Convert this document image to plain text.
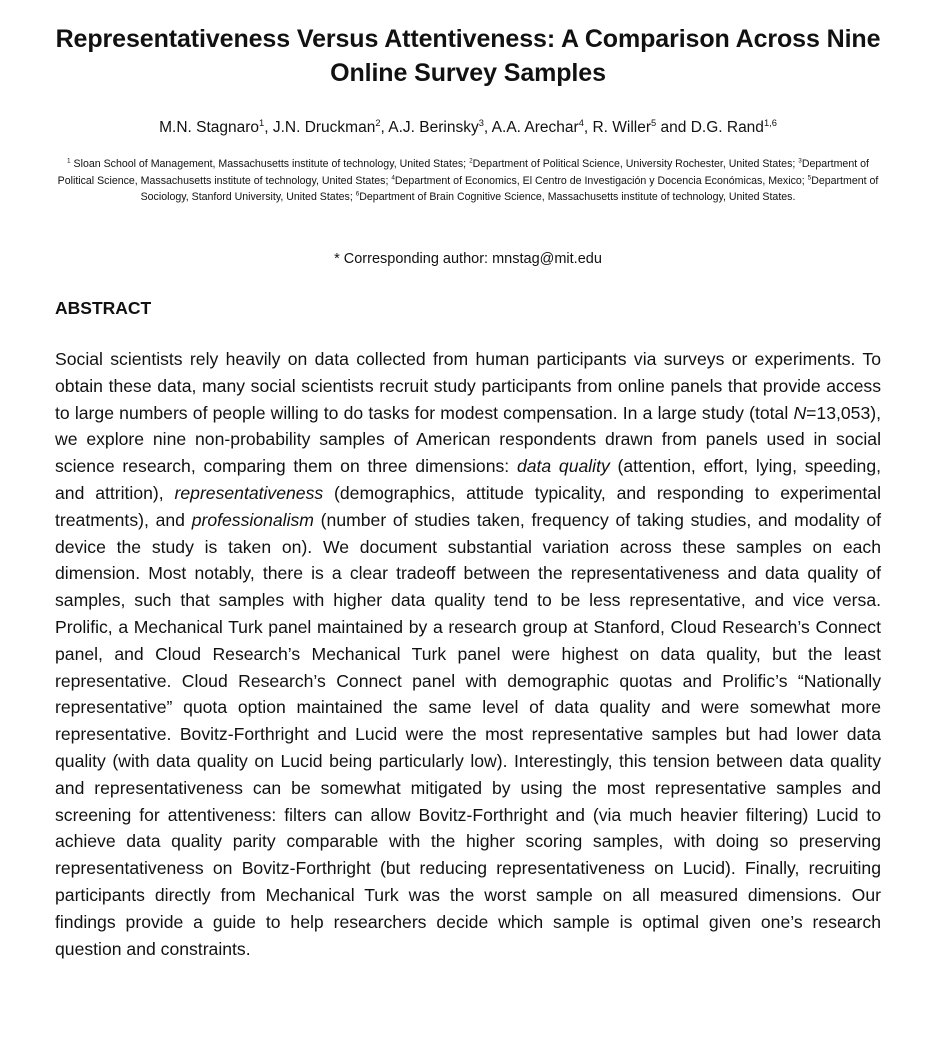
Representativeness Versus Attentiveness: A Comparison Across Nine Online Survey Samples
M.N. Stagnaro$^1$, J.N. Druckman$^2$, A.J. Berinsky$^3$, A.A. Arechar$^4$, R. Willer$^5$ and D.G. Rand$^{1,6}$
$^1$ Sloan School of Management, Massachusetts institute of technology, United States; $^2$Department of Political Science, University Rochester, United States; $^3$Department of Political Science, Massachusetts institute of technology, United States; $^4$Department of Economics, El Centro de Investigación y Docencia Económicas, Mexico; $^5$Department of Sociology, Stanford University, United States; $^6$Department of Brain Cognitive Science, Massachusetts institute of technology, United States.
* Corresponding author: mnstag@mit.edu
ABSTRACT

Social scientists rely heavily on data collected from human participants via surveys or experiments. To obtain these data, many social scientists recruit study participants from online panels that provide access to large numbers of people willing to do tasks for modest compensation. In a large study (total N=13,053), we explore nine non-probability samples of American respondents drawn from panels used in social science research, comparing them on three dimensions: data quality (attention, effort, lying, speeding, and attrition), representativeness (demographics, attitude typicality, and responding to experimental treatments), and professionalism (number of studies taken, frequency of taking studies, and modality of device the study is taken on). We document substantial variation across these samples on each dimension. Most notably, there is a clear tradeoff between the representativeness and data quality of samples, such that samples with higher data quality tend to be less representative, and vice versa. Prolific, a Mechanical Turk panel maintained by a research group at Stanford, Cloud Research’s Connect panel, and Cloud Research’s Mechanical Turk panel were highest on data quality, but the least representative. Cloud Research’s Connect panel with demographic quotas and Prolific’s “Nationally representative” quota option maintained the same level of data quality and were somewhat more representative. Bovitz-Forthright and Lucid were the most representative samples but had lower data quality (with data quality on Lucid being particularly low). Interestingly, this tension between data quality and representativeness can be somewhat mitigated by using the most representative samples and screening for attentiveness: filters can allow Bovitz-Forthright and (via much heavier filtering) Lucid to achieve data quality parity comparable with the higher scoring samples, with doing so preserving representativeness on Bovitz-Forthright (but reducing representativeness on Lucid). Finally, recruiting participants directly from Mechanical Turk was the worst sample on all measured dimensions. Our findings provide a guide to help researchers decide which sample is optimal given one’s research question and constraints.
